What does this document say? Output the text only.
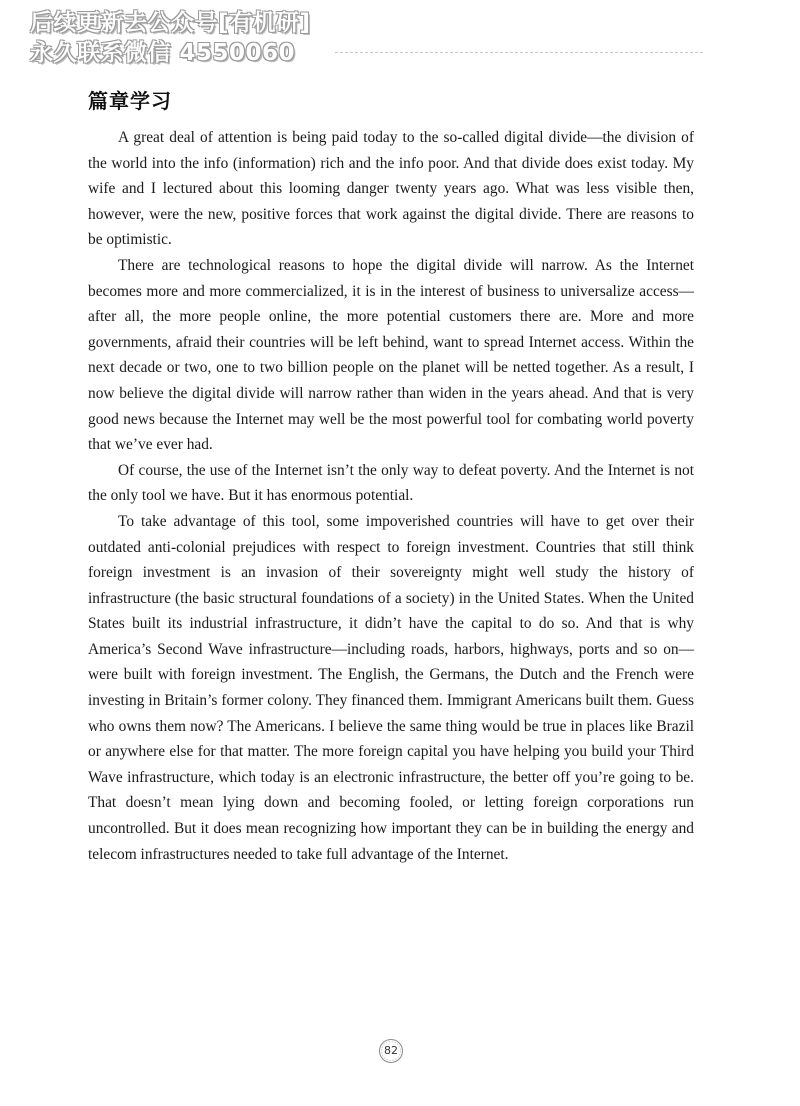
后续更新去公众号[有机研]
永久联系微信 4550060
篇章学习

A great deal of attention is being paid today to the so-called digital divide—the division of the world into the info (information) rich and the info poor. And that divide does exist today. My wife and I lectured about this looming danger twenty years ago. What was less visible then, however, were the new, positive forces that work against the digital divide. There are reasons to be optimistic.

There are technological reasons to hope the digital divide will narrow. As the Internet becomes more and more commercialized, it is in the interest of business to universalize access—after all, the more people online, the more potential customers there are. More and more governments, afraid their countries will be left behind, want to spread Internet access. Within the next decade or two, one to two billion people on the planet will be netted together. As a result, I now believe the digital divide will narrow rather than widen in the years ahead. And that is very good news because the Internet may well be the most powerful tool for combating world poverty that we’ve ever had.

Of course, the use of the Internet isn’t the only way to defeat poverty. And the Internet is not the only tool we have. But it has enormous potential.

To take advantage of this tool, some impoverished countries will have to get over their outdated anti-colonial prejudices with respect to foreign investment. Countries that still think foreign investment is an invasion of their sovereignty might well study the history of infrastructure (the basic structural foundations of a society) in the United States. When the United States built its industrial infrastructure, it didn’t have the capital to do so. And that is why America’s Second Wave infrastructure—including roads, harbors, highways, ports and so on—were built with foreign investment. The English, the Germans, the Dutch and the French were investing in Britain’s former colony. They financed them. Immigrant Americans built them. Guess who owns them now? The Americans. I believe the same thing would be true in places like Brazil or anywhere else for that matter. The more foreign capital you have helping you build your Third Wave infrastructure, which today is an electronic infrastructure, the better off you’re going to be. That doesn’t mean lying down and becoming fooled, or letting foreign corporations run uncontrolled. But it does mean recognizing how important they can be in building the energy and telecom infrastructures needed to take full advantage of the Internet.

82
